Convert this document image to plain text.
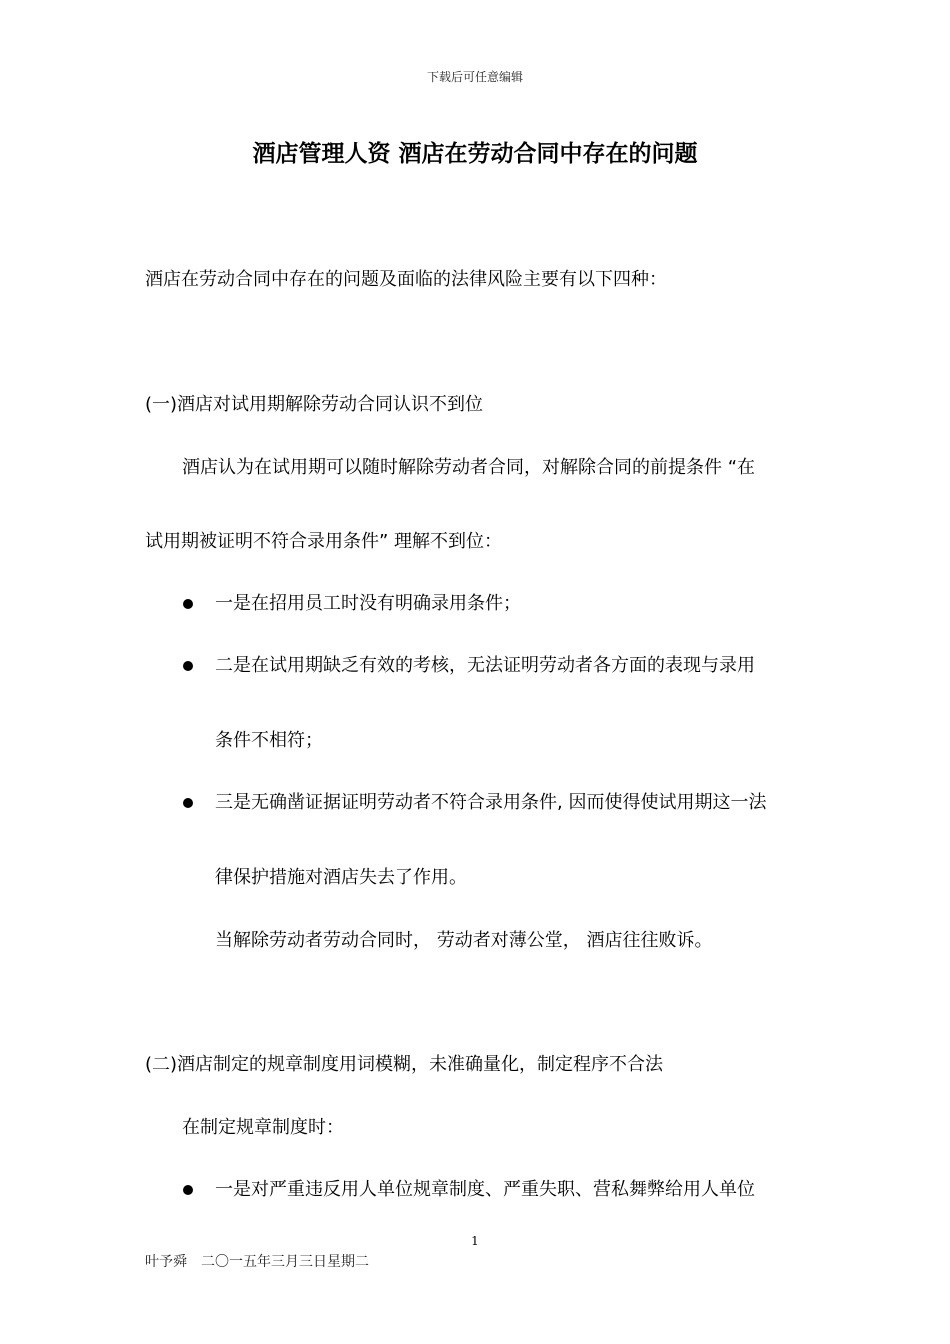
下载后可任意编辑
酒店管理人资 酒店在劳动合同中存在的问题
酒店在劳动合同中存在的问题及面临的法律风险主要有以下四种：
(一)酒店对试用期解除劳动合同认识不到位
酒店认为在试用期可以随时解除劳动者合同，对解除合同的前提条件 “在
试用期被证明不符合录用条件” 理解不到位：
一是在招用员工时没有明确录用条件；
二是在试用期缺乏有效的考核，无法证明劳动者各方面的表现与录用
条件不相符；
三是无确凿证据证明劳动者不符合录用条件, 因而使得使试用期这一法
律保护措施对酒店失去了作用。
当解除劳动者劳动合同时， 劳动者对薄公堂， 酒店往往败诉。
(二)酒店制定的规章制度用词模糊，未准确量化，制定程序不合法
在制定规章制度时：
一是对严重违反用人单位规章制度、严重失职、营私舞弊给用人单位
1
叶予舜　二〇一五年三月三日星期二
